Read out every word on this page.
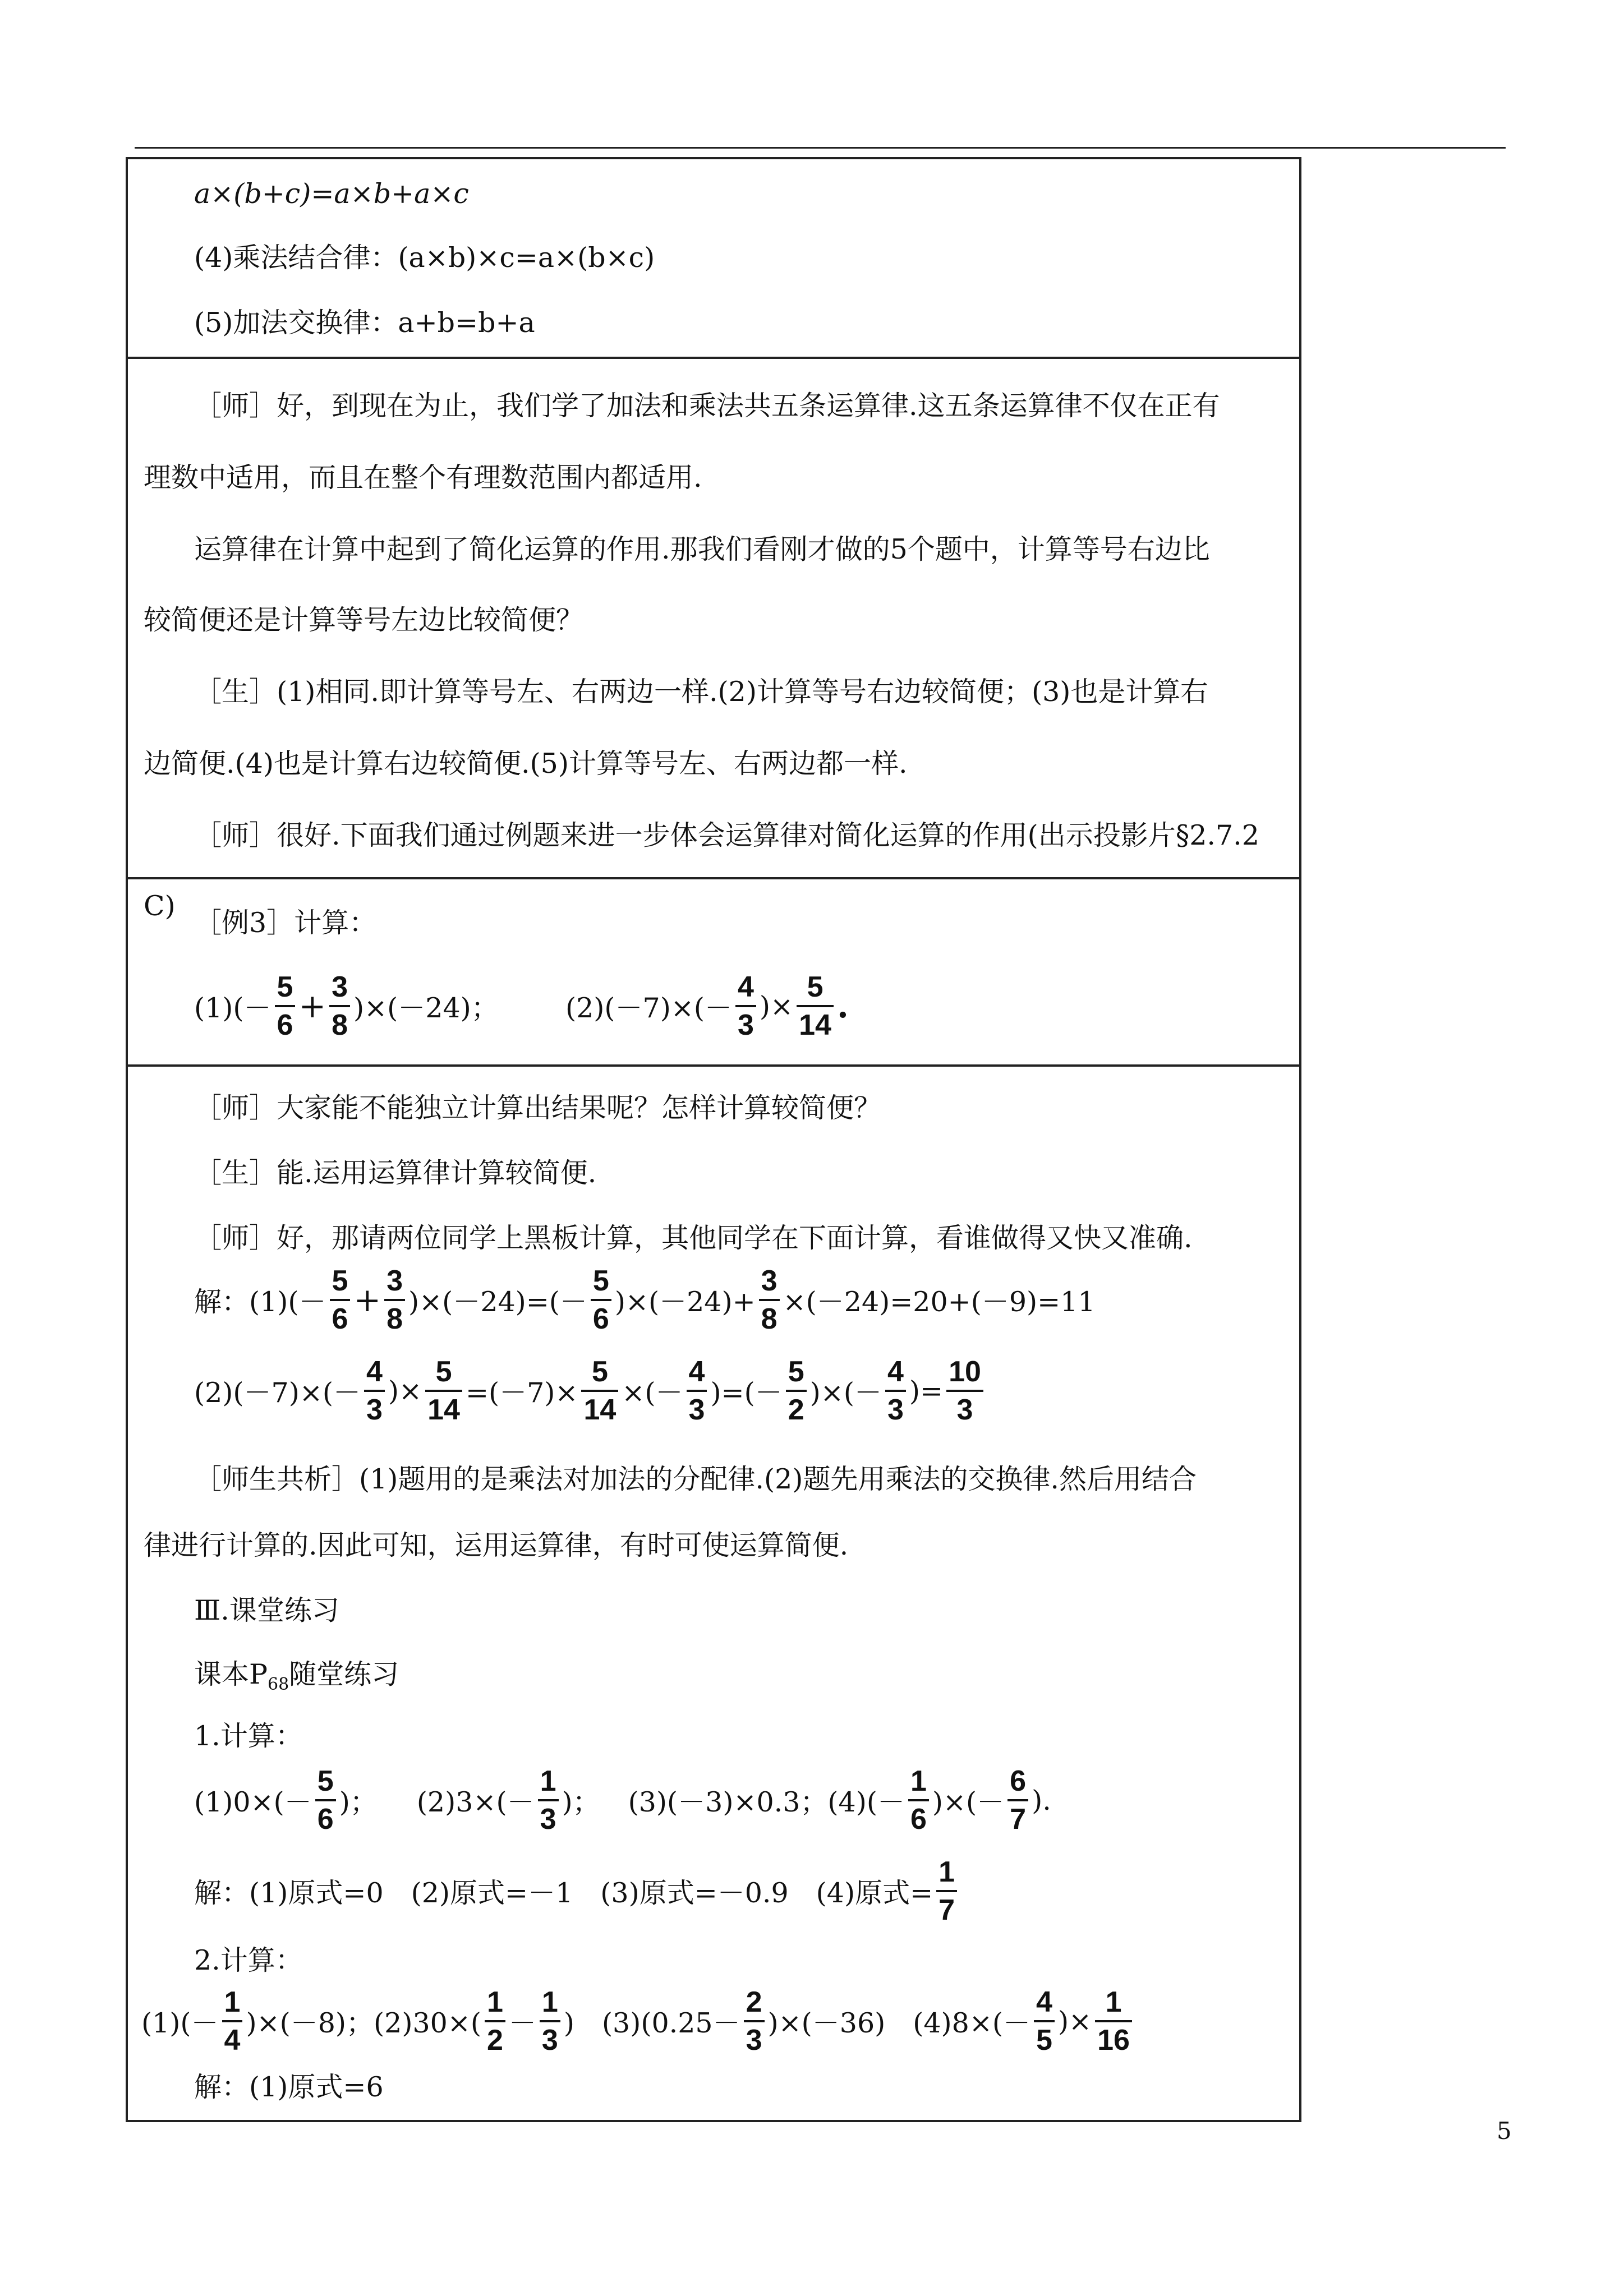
a×(b+c)=a×b+a×c
(4)乘法结合律：(a×b)×c=a×(b×c)
(5)加法交换律：a+b=b+a
［师］好，到现在为止，我们学了加法和乘法共五条运算律.这五条运算律不仅在正有
理数中适用，而且在整个有理数范围内都适用.
运算律在计算中起到了简化运算的作用.那我们看刚才做的5个题中，计算等号右边比
较简便还是计算等号左边比较简便？
［生］(1)相同.即计算等号左、右两边一样.(2)计算等号右边较简便；(3)也是计算右
边简便.(4)也是计算右边较简便.(5)计算等号左、右两边都一样.
［师］很好.下面我们通过例题来进一步体会运算律对简化运算的作用(出示投影片§2.7.2
C)
［例3］计算：
$(1)(- \frac{5}{6} + \frac{3}{8} )\times(-24)$； $(2)(-7)\times(- \frac{4}{3}$ )× $\frac{5}{14}$ .
［师］大家能不能独立计算出结果呢？怎样计算较简便？
［生］能.运用运算律计算较简便.
［师］好，那请两位同学上黑板计算，其他同学在下面计算，看谁做得又快又准确.
解：$(1)(- \frac{5}{6} + \frac{3}{8} )\times(-24)=(- \frac{5}{6} )\times(-24)+ \frac{3}{8} \times(-24)=20+(-9)=11$
$(2)(-7)\times(- \frac{4}{3}$ )× $\frac{5}{14} =(-7)\times \frac{5}{14}$ ×(－ $\frac{4}{3}$ )=(－ $\frac{5}{2}$ )×(－ $\frac{4}{3}$ )= $\frac{10}{3}$
［师生共析］(1)题用的是乘法对加法的分配律.(2)题先用乘法的交换律.然后用结合
律进行计算的.因此可知，运用运算律，有时可使运算简便.
Ⅲ.课堂练习
课本$P_{68}$随堂练习
1.计算：
$(1)0\times(- \frac{5}{6}$ )； $(2)3\times(- \frac{1}{3}$ )； (3)(－3)×0.3；$(4)(- \frac{1}{6}$ )×(－ $\frac{6}{7}$ ).
解：(1)原式=0　(2)原式=－1　(3)原式=－0.9　(4)原式= $\frac{1}{7}$
2.计算：
$(1)(- \frac{1}{4} )\times(-8)$；$(2)30\times( \frac{1}{2} - \frac{1}{3}$ )　$(3)(0.25- \frac{2}{3} )\times(-36)$　$(4)8\times(- \frac{4}{5}$ )× $\frac{1}{16}$
解：(1)原式=6
5
